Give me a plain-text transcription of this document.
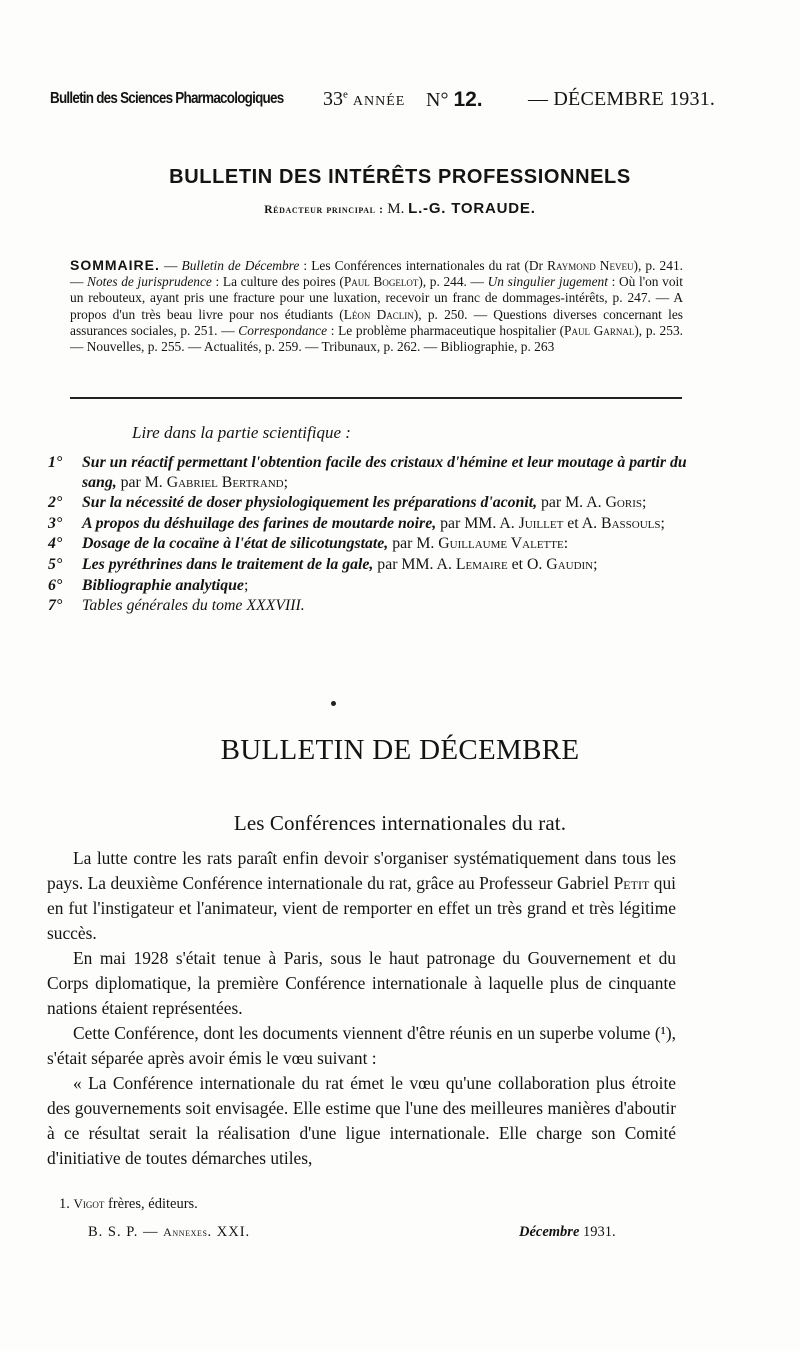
Bulletin des Sciences Pharmacologiques 33e ANNÉE N° 12. — DÉCEMBRE 1931.
BULLETIN DES INTÉRÊTS PROFESSIONNELS
Rédacteur principal : M. L.-G. TORAUDE.
SOMMAIRE. — Bulletin de Décembre : Les Conférences internationales du rat (Dr Raymond Neveu), p. 241. — Notes de jurisprudence : La culture des poires (Paul Bogelot), p. 244. — Un singulier jugement : Où l'on voit un rebouteux, ayant pris une fracture pour une luxation, recevoir un franc de dommages-intérêts, p. 247. — A propos d'un très beau livre pour nos étudiants (Léon Daclin), p. 250. — Questions diverses concernant les assurances sociales, p. 251. — Correspondance : Le problème pharmaceutique hospitalier (Paul Garnal), p. 253. — Nouvelles, p. 255. — Actualités, p. 259. — Tribunaux, p. 262. — Bibliographie, p. 263
Lire dans la partie scientifique :
1° Sur un réactif permettant l'obtention facile des cristaux d'hémine et leur moutage à partir du sang, par M. Gabriel Bertrand;
2° Sur la nécessité de doser physiologiquement les préparations d'aconit, par M. A. Goris;
3° A propos du déshuilage des farines de moutarde noire, par MM. A. Juillet et A. Bassouls;
4° Dosage de la cocaïne à l'état de silicotungstate, par M. Guillaume Valette:
5° Les pyréthrines dans le traitement de la gale, par MM. A. Lemaire et O. Gaudin;
6° Bibliographie analytique;
7° Tables générales du tome XXXVIII.
BULLETIN DE DÉCEMBRE
Les Conférences internationales du rat.

La lutte contre les rats paraît enfin devoir s'organiser systématiquement dans tous les pays. La deuxième Conférence internationale du rat, grâce au Professeur Gabriel Petit qui en fut l'instigateur et l'animateur, vient de remporter en effet un très grand et très légitime succès.

En mai 1928 s'était tenue à Paris, sous le haut patronage du Gouvernement et du Corps diplomatique, la première Conférence internationale à laquelle plus de cinquante nations étaient représentées.

Cette Conférence, dont les documents viennent d'être réunis en un superbe volume (¹), s'était séparée après avoir émis le vœu suivant :

« La Conférence internationale du rat émet le vœu qu'une collaboration plus étroite des gouvernements soit envisagée. Elle estime que l'une des meilleures manières d'aboutir à ce résultat serait la réalisation d'une ligue internationale. Elle charge son Comité d'initiative de toutes démarches utiles,

1. Vigot frères, éditeurs.
B. S. P. — Annexes. XXI.	Décembre 1931.
